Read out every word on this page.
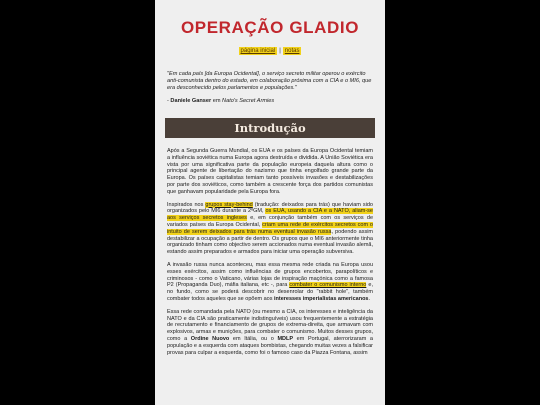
OPERAÇÃO GLADIO
página inicial | notas
"Em cada país [da Europa Ocidental], o serviço secreto militar operou o exército anti-comunista dentro do estado, em colaboração próxima com a CIA e o MI6, que era desconhecido pelos parlamentos e populações."
- Daniele Ganser em Nato's Secret Armies
Introdução

Após a Segunda Guerra Mundial, os EUA e os países da Europa Ocidental temiam a influência soviética numa Europa agora destruída e dividida. A União Soviética era vista por uma significativa parte da população europeia daquela altura como o principal agente de libertação do nazismo que tinha engolfado grande parte da Europa. Os países capitalistas temiam tanto possíveis invasões e destabilizações por parte dos soviéticos, como também a crescente força dos partidos comunistas que ganhavam popularidade pela Europa fora.

Inspirados nos grupos stay-behind (tradução: deixados para trás) que haviam sido organizados pelo MI6 durante a 2ºGM, os EUA, usando a CIA e a NATO, aliam-se aos serviços secretos ingleses e, em conjunção também com os serviços de variados países da Europa Ocidental, criam uma rede de exércitos secretos com o intuito de serem deixados para trás numa eventual invasão russa, podendo assim destabilizar a ocupação a partir de dentro. Os grupos que o MI6 anteriormente tinha organizado tinham como objectivo serem accionados numa eventual invasão alemã, estando assim preparados e armados para iniciar uma operação subversiva.

A invasão russa nunca aconteceu, mas essa mesma rede criada na Europa usou esses exércitos, assim como influências de grupos encobertos, parapolíticos e criminosos - como o Vaticano, várias lojas de inspiração maçónica como a famosa P2 (Propaganda Duo), máfia italiana, etc -, para combater o comunismo interno e, no fundo, como se poderá descobrir no desenrolar do "rabbit hole", também combater todos aqueles que se opõem aos interesses imperialistas americanos.

Essa rede comandada pela NATO (ou mesmo a CIA, os interesses e inteligência da NATO e da CIA são praticamente indistinguíveis) usou frequentemente a estratégia de recrutamento e financiamento de grupos de extrema-direita, que armavam com explosivos, armas e munições, para combater o comunismo. Muitos desses grupos, como a Ordine Nuovo em Itália, ou o MDLP em Portugal, aterrorizaram a população e a esquerda com ataques bombistas, chegando muitas vezes a falsificar provas para culpar a esquerda, como foi o famoso caso da Piazza Fontana, assim
